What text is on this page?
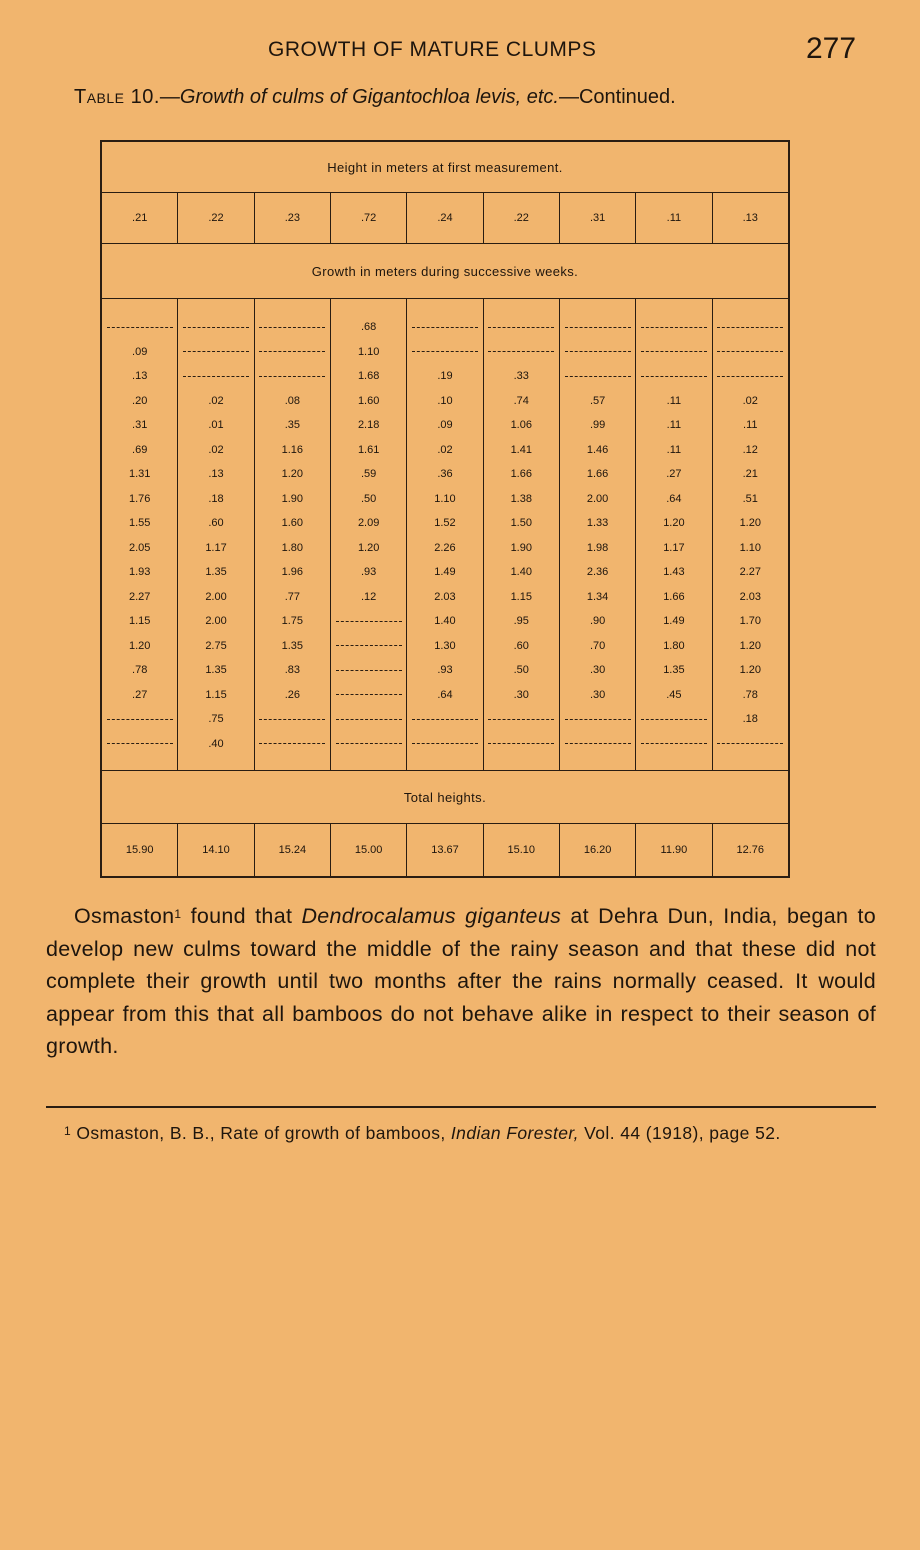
GROWTH OF MATURE CLUMPS	277
Table 10.—Growth of culms of Gigantochloa levis, etc.—Continued.
Height in meters at first measurement.								
.21	.22	.23	.72	.24	.22	.31	.11	.13
Growth in meters during successive weeks.								
			.68					
.09			1.10					
.13			1.68	.19	.33			
.20	.02	.08	1.60	.10	.74	.57	.11	.02
.31	.01	.35	2.18	.09	1.06	.99	.11	.11
.69	.02	1.16	1.61	.02	1.41	1.46	.11	.12
1.31	.13	1.20	.59	.36	1.66	1.66	.27	.21
1.76	.18	1.90	.50	1.10	1.38	2.00	.64	.51
1.55	.60	1.60	2.09	1.52	1.50	1.33	1.20	1.20
2.05	1.17	1.80	1.20	2.26	1.90	1.98	1.17	1.10
1.93	1.35	1.96	.93	1.49	1.40	2.36	1.43	2.27
2.27	2.00	.77	.12	2.03	1.15	1.34	1.66	2.03
1.15	2.00	1.75		1.40	.95	.90	1.49	1.70
1.20	2.75	1.35		1.30	.60	.70	1.80	1.20
.78	1.35	.83		.93	.50	.30	1.35	1.20
.27	1.15	.26		.64	.30	.30	.45	.78
	.75							.18
	.40							
Total heights.								
15.90	14.10	15.24	15.00	13.67	15.10	16.20	11.90	12.76

Osmaston$^1$ found that Dendrocalamus giganteus at Dehra Dun, India, began to develop new culms toward the middle of the rainy season and that these did not complete their growth until two months after the rains normally ceased. It would appear from this that all bamboos do not behave alike in respect to their season of growth.

$^1$ Osmaston, B. B., Rate of growth of bamboos, Indian Forester, Vol. 44 (1918), page 52.
